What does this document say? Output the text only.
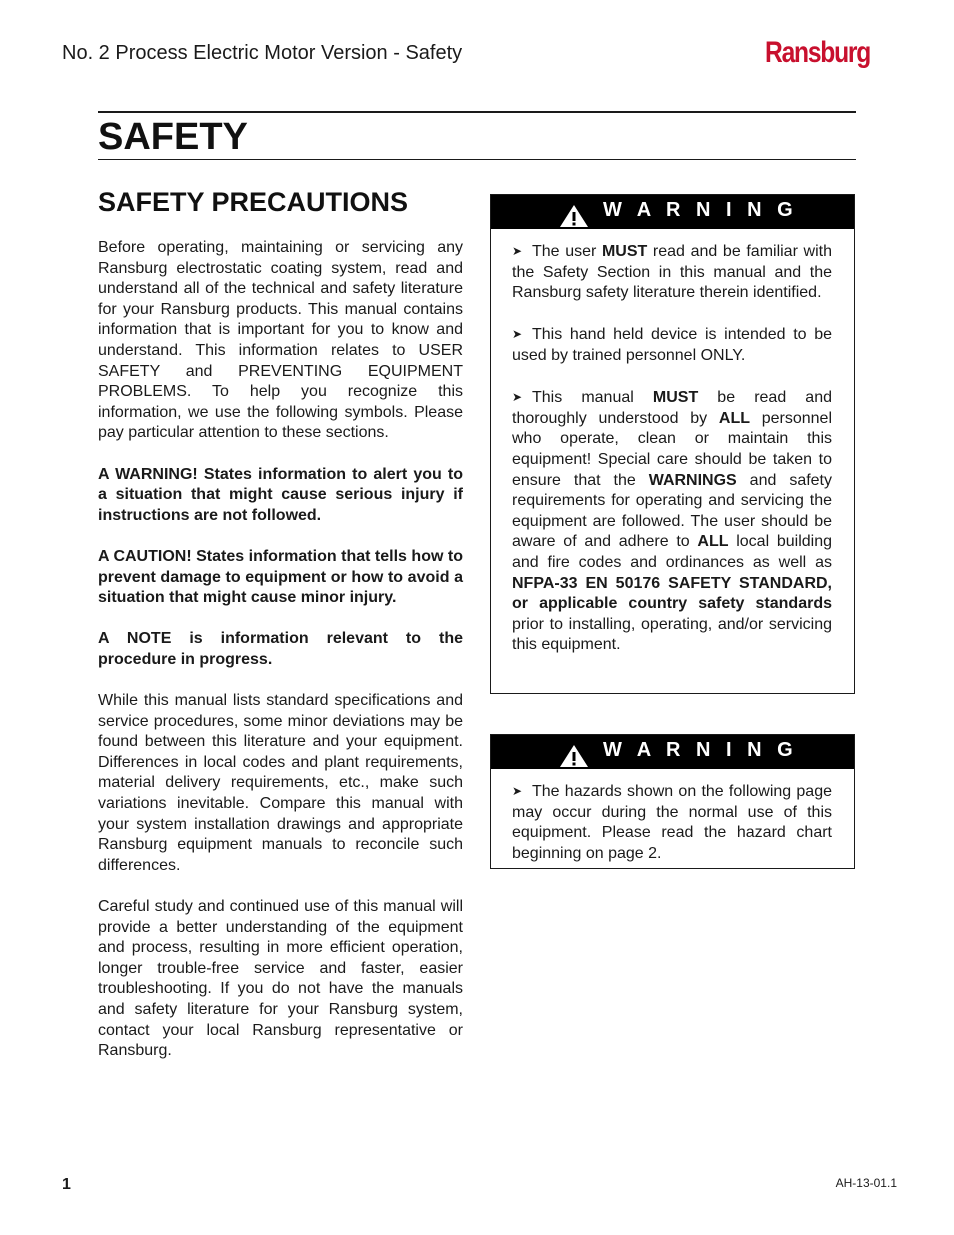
No. 2 Process Electric Motor Version - Safety	Ransburg
SAFETY
SAFETY PRECAUTIONS

Before operating, maintaining or servicing any Ransburg electrostatic coating system, read and understand all of the technical and safety literature for your Ransburg products. This manual contains information that is important for you to know and understand. This information relates to USER SAFETY and PREVENTING EQUIPMENT PROBLEMS. To help you recognize this information, we use the following symbols. Please pay particular attention to these sections.

A WARNING! States information to alert you to a situation that might cause serious injury if instructions are not followed.

A CAUTION! States information that tells how to prevent damage to equipment or how to avoid a situation that might cause minor injury.

A NOTE is information relevant to the procedure in progress.

While this manual lists standard specifications and service procedures, some minor deviations may be found between this literature and your equipment. Differences in local codes and plant requirements, material delivery requirements, etc., make such variations inevitable. Compare this manual with your system installation drawings and appropriate Ransburg equipment manuals to reconcile such differences.

Careful study and continued use of this manual will provide a better understanding of the equipment and process, resulting in more efficient operation, longer trouble-free service and faster, easier troubleshooting. If you do not have the manuals and safety literature for your Ransburg system, contact your local Ransburg representative or Ransburg.

W A R N I N G

➤ The user MUST read and be familiar with the Safety Section in this manual and the Ransburg safety literature therein identified.

➤ This hand held device is intended to be used by trained personnel ONLY.

➤ This manual MUST be read and thoroughly understood by ALL personnel who operate, clean or maintain this equipment! Special care should be taken to ensure that the WARNINGS and safety requirements for operating and servicing the equipment are followed. The user should be aware of and adhere to ALL local building and fire codes and ordinances as well as NFPA-33 EN 50176 SAFETY STANDARD, or applicable country safety standards prior to installing, operating, and/or servicing this equipment.

W A R N I N G

➤ The hazards shown on the following page may occur during the normal use of this equipment. Please read the hazard chart beginning on page 2.

1	AH-13-01.1
